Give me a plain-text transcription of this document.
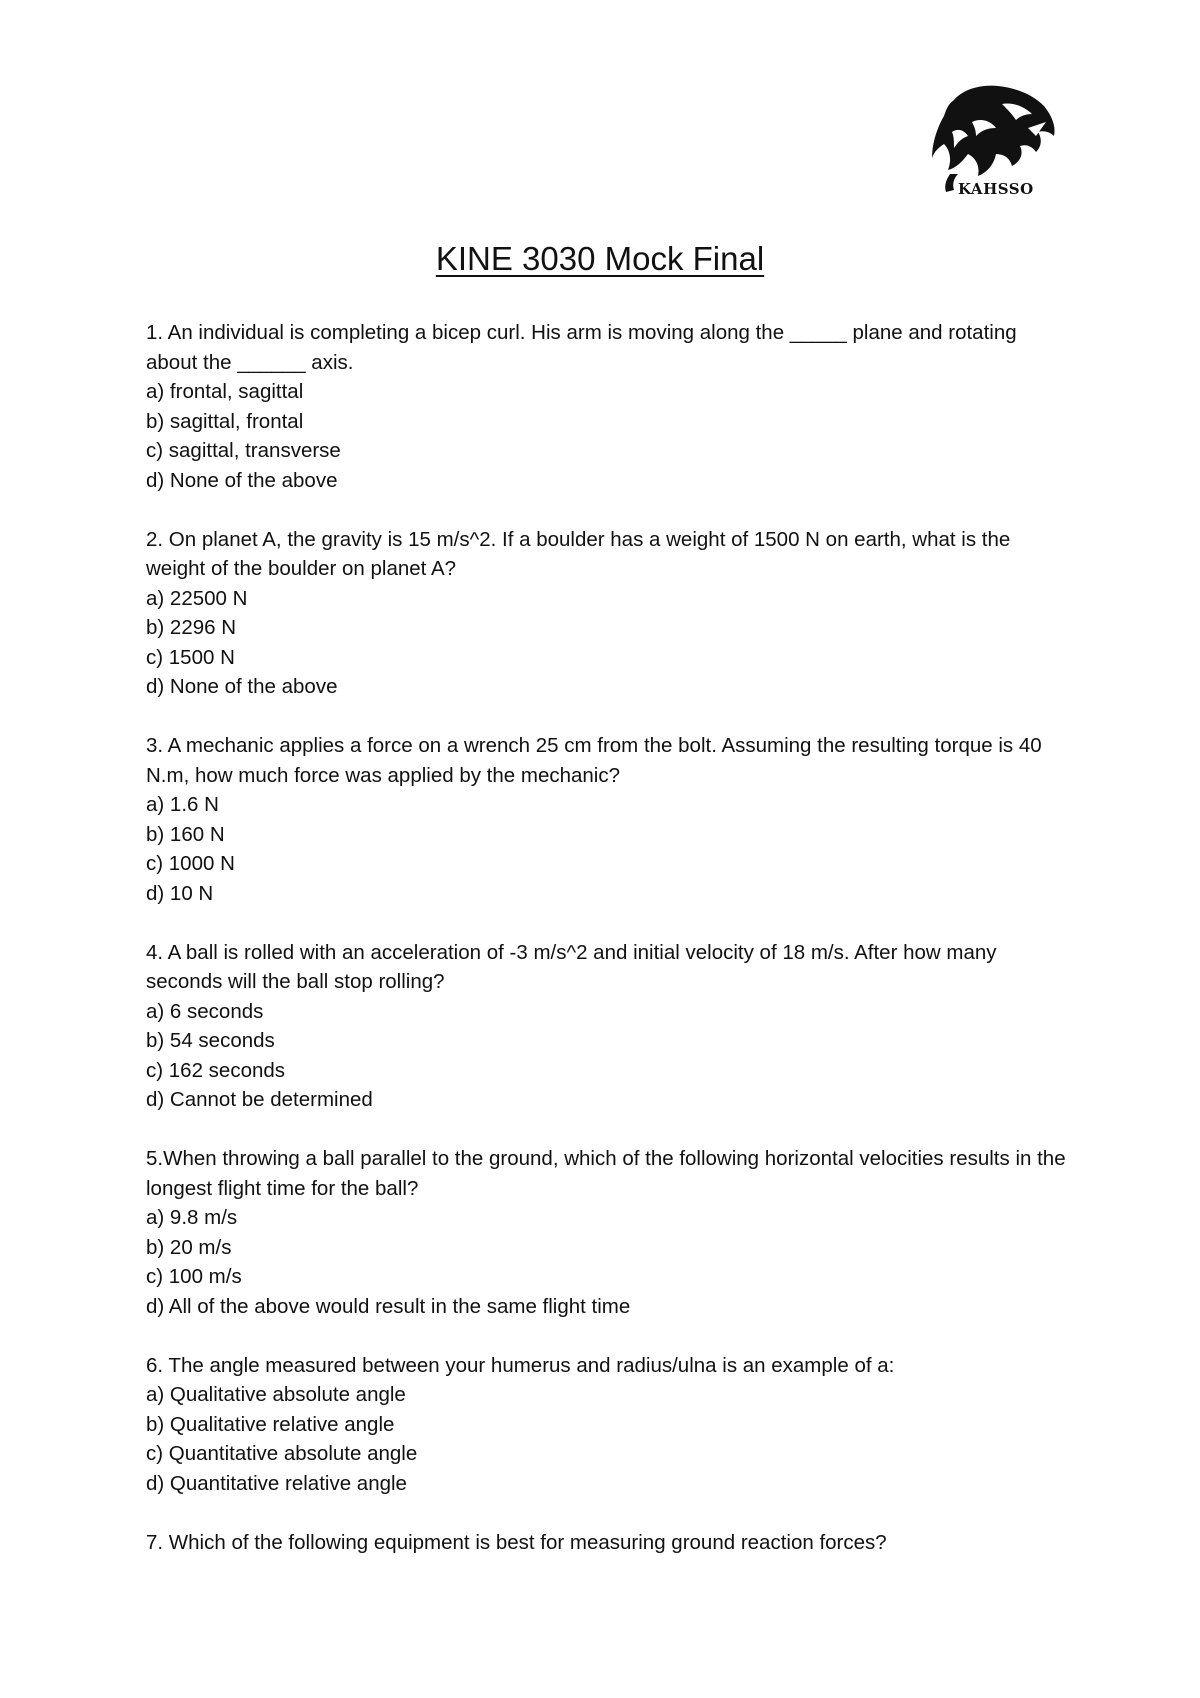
KAHSSO
KINE 3030 Mock Final
1. An individual is completing a bicep curl. His arm is moving along the _____ plane and rotating about the ______ axis.
a) frontal, sagittal
b) sagittal, frontal
c) sagittal, transverse
d) None of the above
2. On planet A, the gravity is 15 m/s^2. If a boulder has a weight of 1500 N on earth, what is the weight of the boulder on planet A?
a) 22500 N
b) 2296 N
c) 1500 N
d) None of the above
3. A mechanic applies a force on a wrench 25 cm from the bolt. Assuming the resulting torque is 40 N.m, how much force was applied by the mechanic?
a) 1.6 N
b) 160 N
c) 1000 N
d) 10 N
4. A ball is rolled with an acceleration of -3 m/s^2 and initial velocity of 18 m/s. After how many seconds will the ball stop rolling?
a) 6 seconds
b) 54 seconds
c) 162 seconds
d) Cannot be determined
5.When throwing a ball parallel to the ground, which of the following horizontal velocities results in the longest flight time for the ball?
a) 9.8 m/s
b) 20 m/s
c) 100 m/s
d) All of the above would result in the same flight time
6. The angle measured between your humerus and radius/ulna is an example of a:
a) Qualitative absolute angle
b) Qualitative relative angle
c) Quantitative absolute angle
d) Quantitative relative angle
7. Which of the following equipment is best for measuring ground reaction forces?
